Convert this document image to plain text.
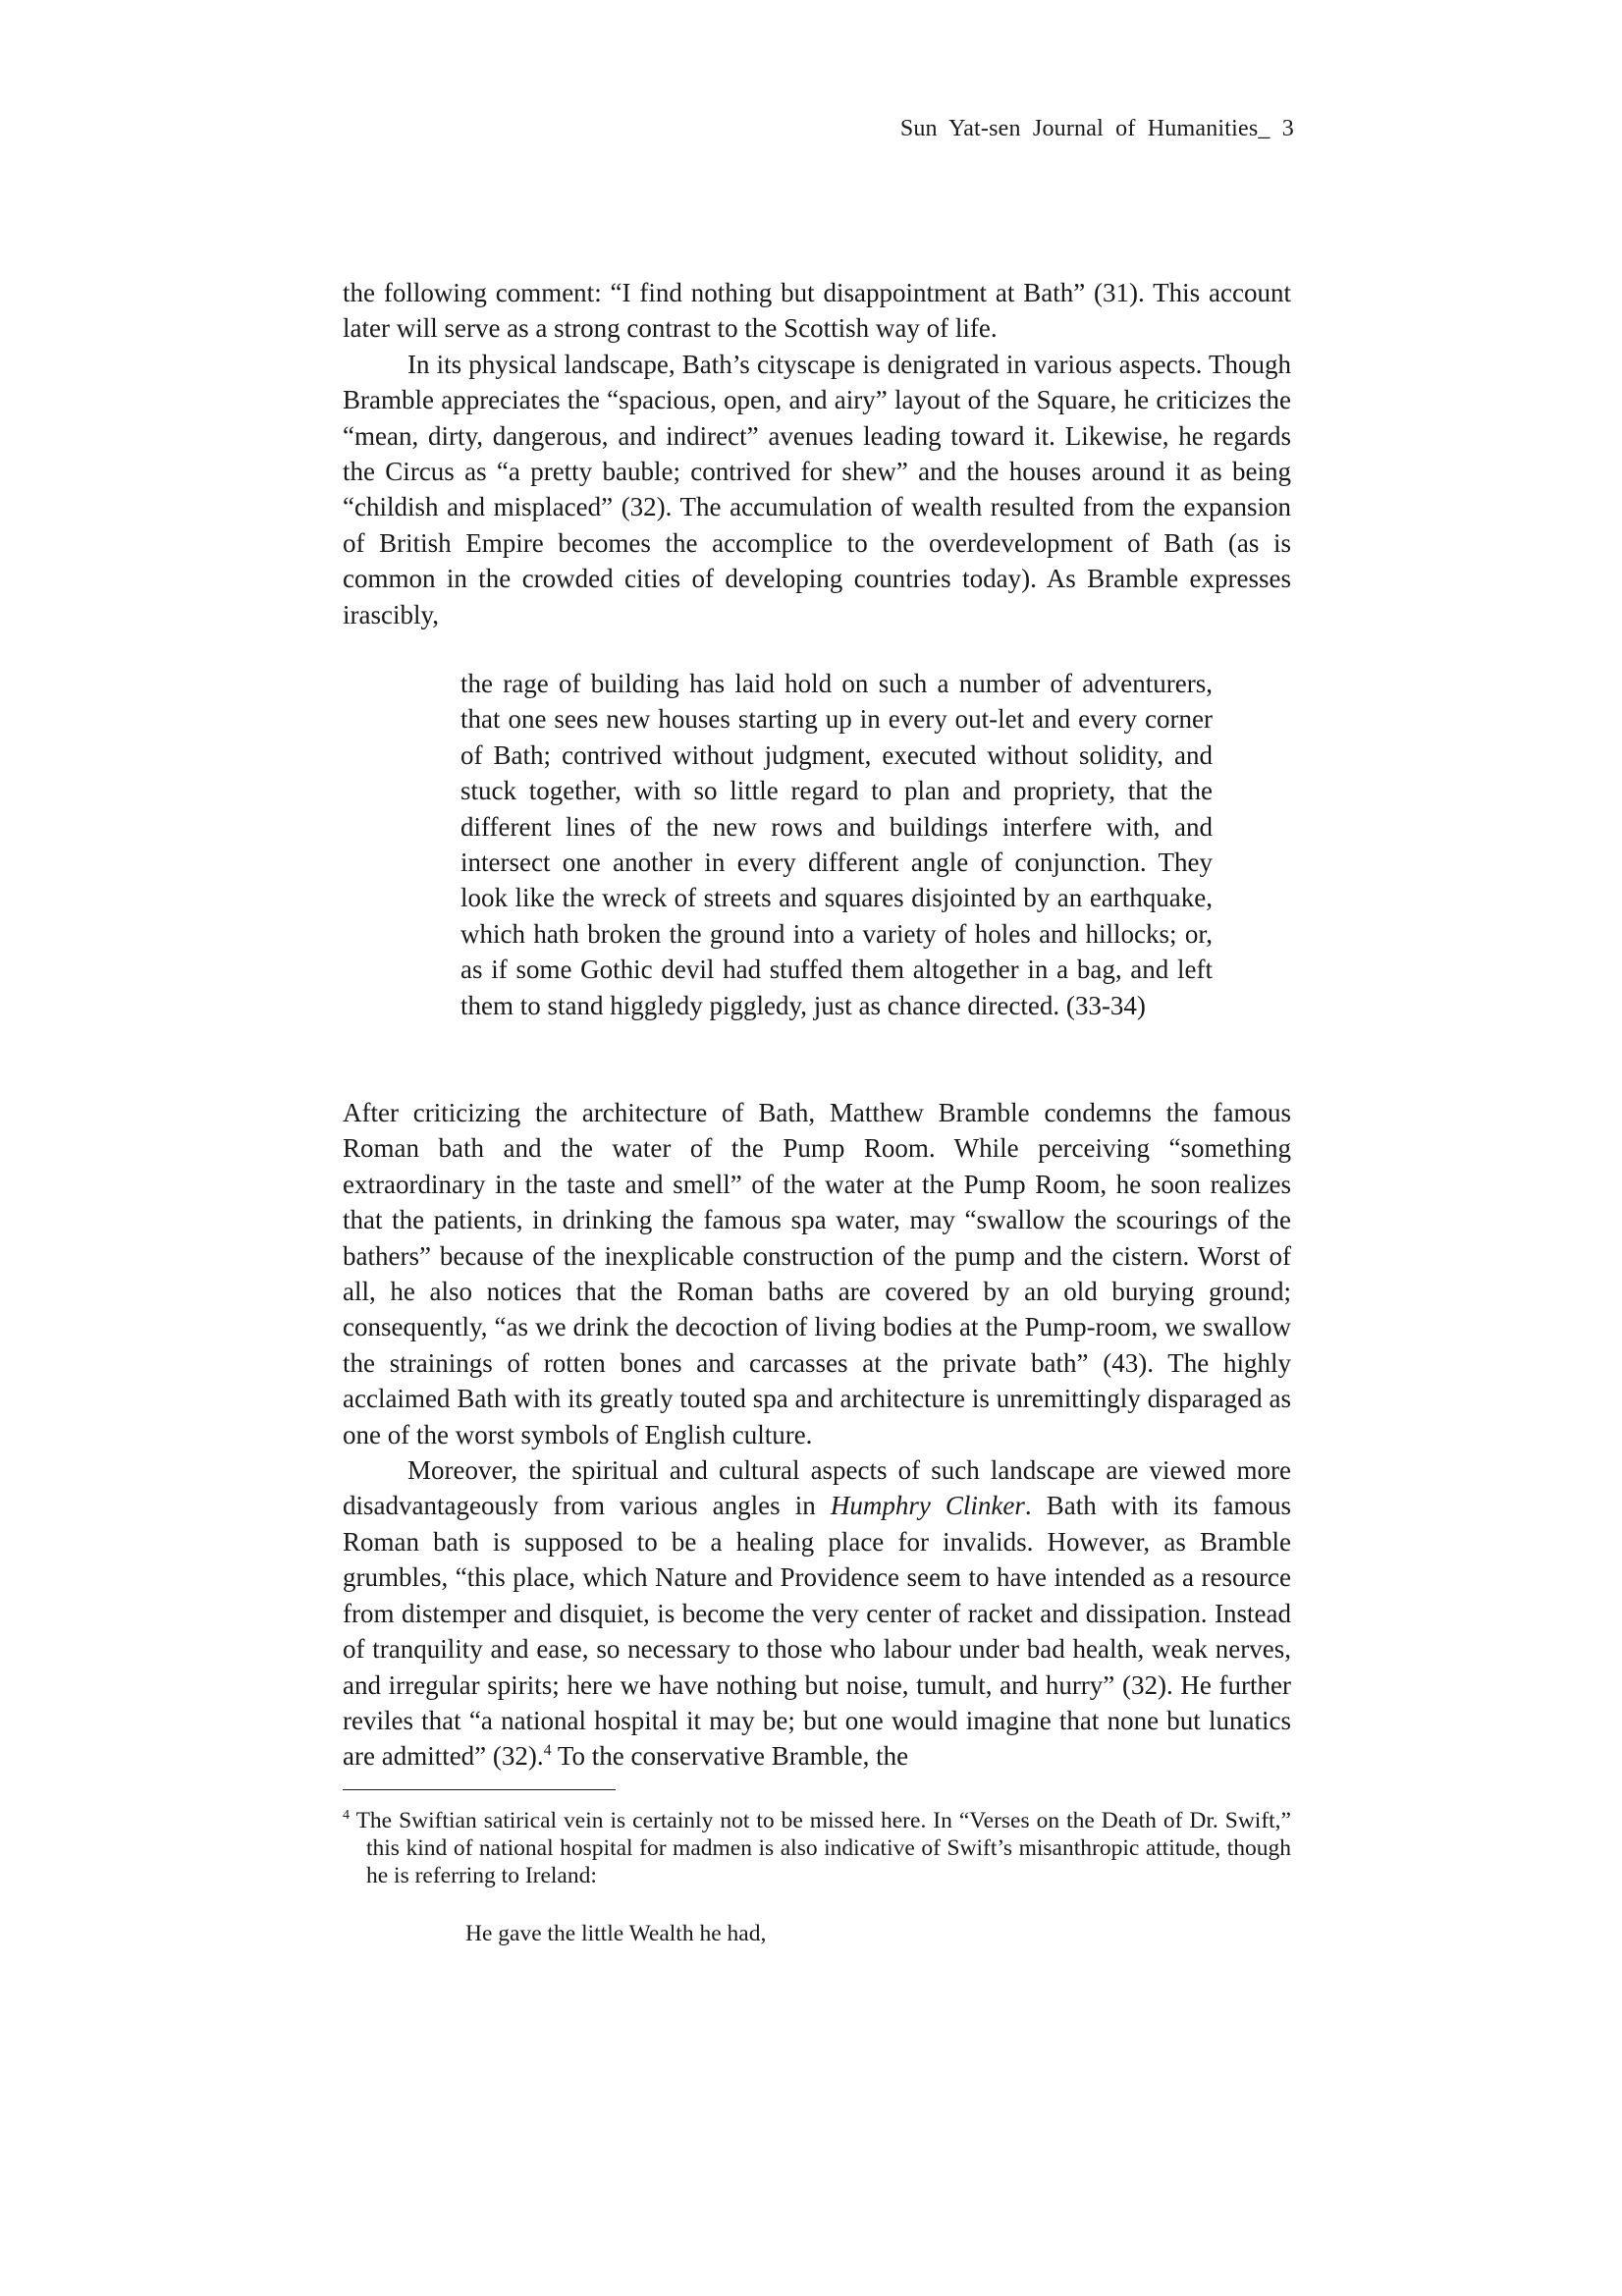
Sun Yat-sen Journal of Humanities_ 3

the following comment: “I find nothing but disappointment at Bath” (31). This account later will serve as a strong contrast to the Scottish way of life.

In its physical landscape, Bath’s cityscape is denigrated in various aspects. Though Bramble appreciates the “spacious, open, and airy” layout of the Square, he criticizes the “mean, dirty, dangerous, and indirect” avenues leading toward it. Likewise, he regards the Circus as “a pretty bauble; contrived for shew” and the houses around it as being “childish and misplaced” (32). The accumulation of wealth resulted from the expansion of British Empire becomes the accomplice to the overdevelopment of Bath (as is common in the crowded cities of developing countries today). As Bramble expresses irascibly,

the rage of building has laid hold on such a number of adventurers, that one sees new houses starting up in every out-let and every corner of Bath; contrived without judgment, executed without solidity, and stuck together, with so little regard to plan and propriety, that the different lines of the new rows and buildings interfere with, and intersect one another in every different angle of conjunction. They look like the wreck of streets and squares disjointed by an earthquake, which hath broken the ground into a variety of holes and hillocks; or, as if some Gothic devil had stuffed them altogether in a bag, and left them to stand higgledy piggledy, just as chance directed. (33-34)

After criticizing the architecture of Bath, Matthew Bramble condemns the famous Roman bath and the water of the Pump Room. While perceiving “something extraordinary in the taste and smell” of the water at the Pump Room, he soon realizes that the patients, in drinking the famous spa water, may “swallow the scourings of the bathers” because of the inexplicable construction of the pump and the cistern. Worst of all, he also notices that the Roman baths are covered by an old burying ground; consequently, “as we drink the decoction of living bodies at the Pump-room, we swallow the strainings of rotten bones and carcasses at the private bath” (43). The highly acclaimed Bath with its greatly touted spa and architecture is unremittingly disparaged as one of the worst symbols of English culture.

Moreover, the spiritual and cultural aspects of such landscape are viewed more disadvantageously from various angles in Humphry Clinker. Bath with its famous Roman bath is supposed to be a healing place for invalids. However, as Bramble grumbles, “this place, which Nature and Providence seem to have intended as a resource from distemper and disquiet, is become the very center of racket and dissipation. Instead of tranquility and ease, so necessary to those who labour under bad health, weak nerves, and irregular spirits; here we have nothing but noise, tumult, and hurry” (32). He further reviles that “a national hospital it may be; but one would imagine that none but lunatics are admitted” (32).$^4$ To the conservative Bramble, the

$^4$ The Swiftian satirical vein is certainly not to be missed here. In “Verses on the Death of Dr. Swift,” this kind of national hospital for madmen is also indicative of Swift’s misanthropic attitude, though he is referring to Ireland:
He gave the little Wealth he had,
